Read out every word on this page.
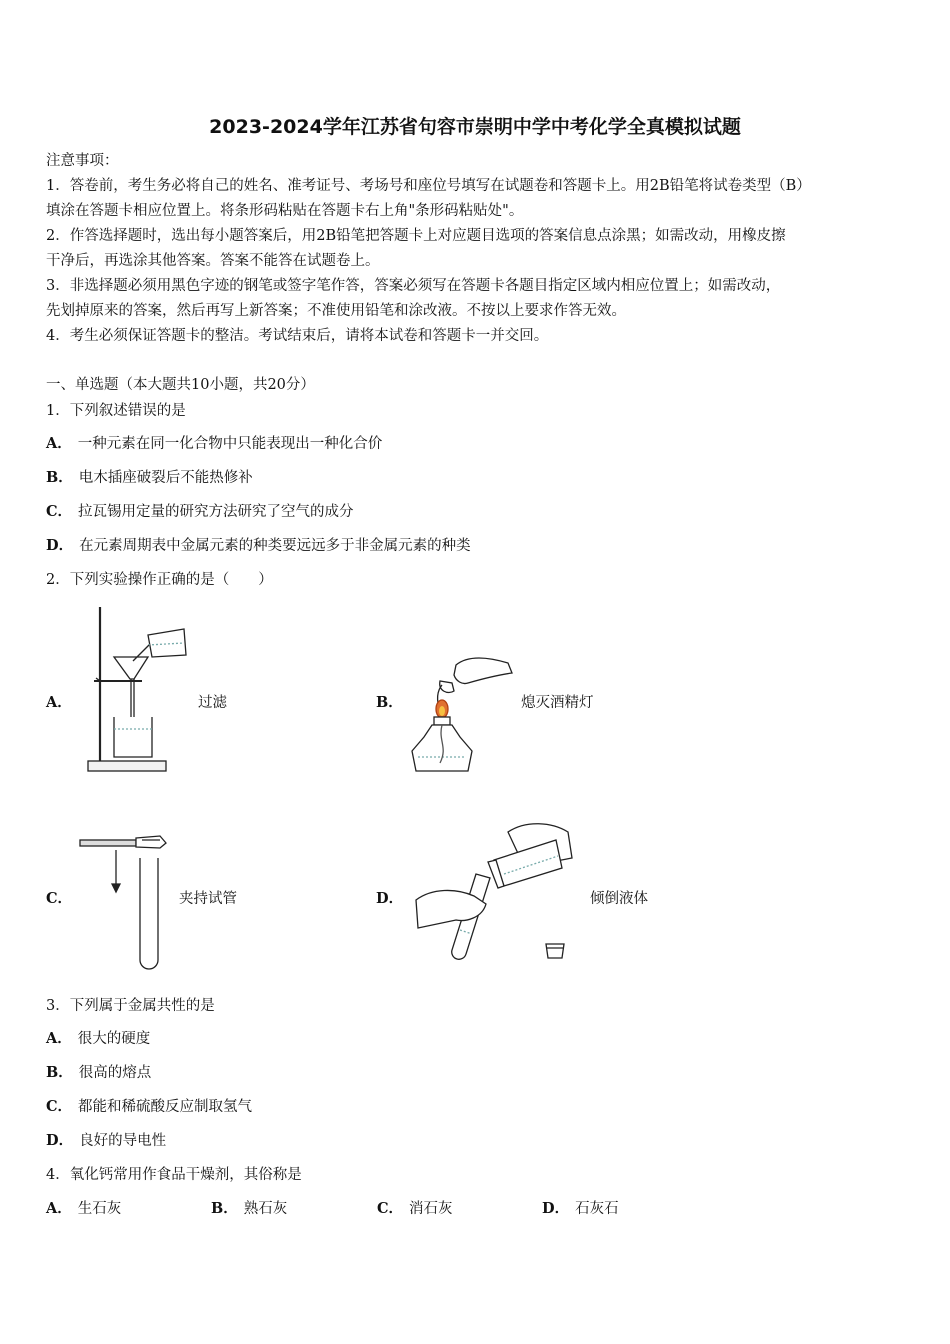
2023-2024学年江苏省句容市崇明中学中考化学全真模拟试题
注意事项：
1．答卷前，考生务必将自己的姓名、准考证号、考场号和座位号填写在试题卷和答题卡上。用2B铅笔将试卷类型（B）
填涂在答题卡相应位置上。将条形码粘贴在答题卡右上角"条形码粘贴处"。
2．作答选择题时，选出每小题答案后，用2B铅笔把答题卡上对应题目选项的答案信息点涂黑；如需改动，用橡皮擦
干净后，再选涂其他答案。答案不能答在试题卷上。
3．非选择题必须用黑色字迹的钢笔或签字笔作答，答案必须写在答题卡各题目指定区域内相应位置上；如需改动，
先划掉原来的答案，然后再写上新答案；不准使用铅笔和涂改液。不按以上要求作答无效。
4．考生必须保证答题卡的整洁。考试结束后，请将本试卷和答题卡一并交回。
一、单选题（本大题共10小题，共20分）
1．下列叙述错误的是
A． 一种元素在同一化合物中只能表现出一种化合价
B． 电木插座破裂后不能热修补
C． 拉瓦锡用定量的研究方法研究了空气的成分
D． 在元素周期表中金属元素的种类要远远多于非金属元素的种类
2．下列实验操作正确的是（　　）
A．	过滤	B．	熄灭酒精灯
C．	夹持试管	D．	倾倒液体
3．下列属于金属共性的是
A． 很大的硬度
B． 很高的熔点
C． 都能和稀硫酸反应制取氢气
D． 良好的导电性
4．氧化钙常用作食品干燥剂，其俗称是
A． 生石灰	B． 熟石灰	C． 消石灰	D． 石灰石
